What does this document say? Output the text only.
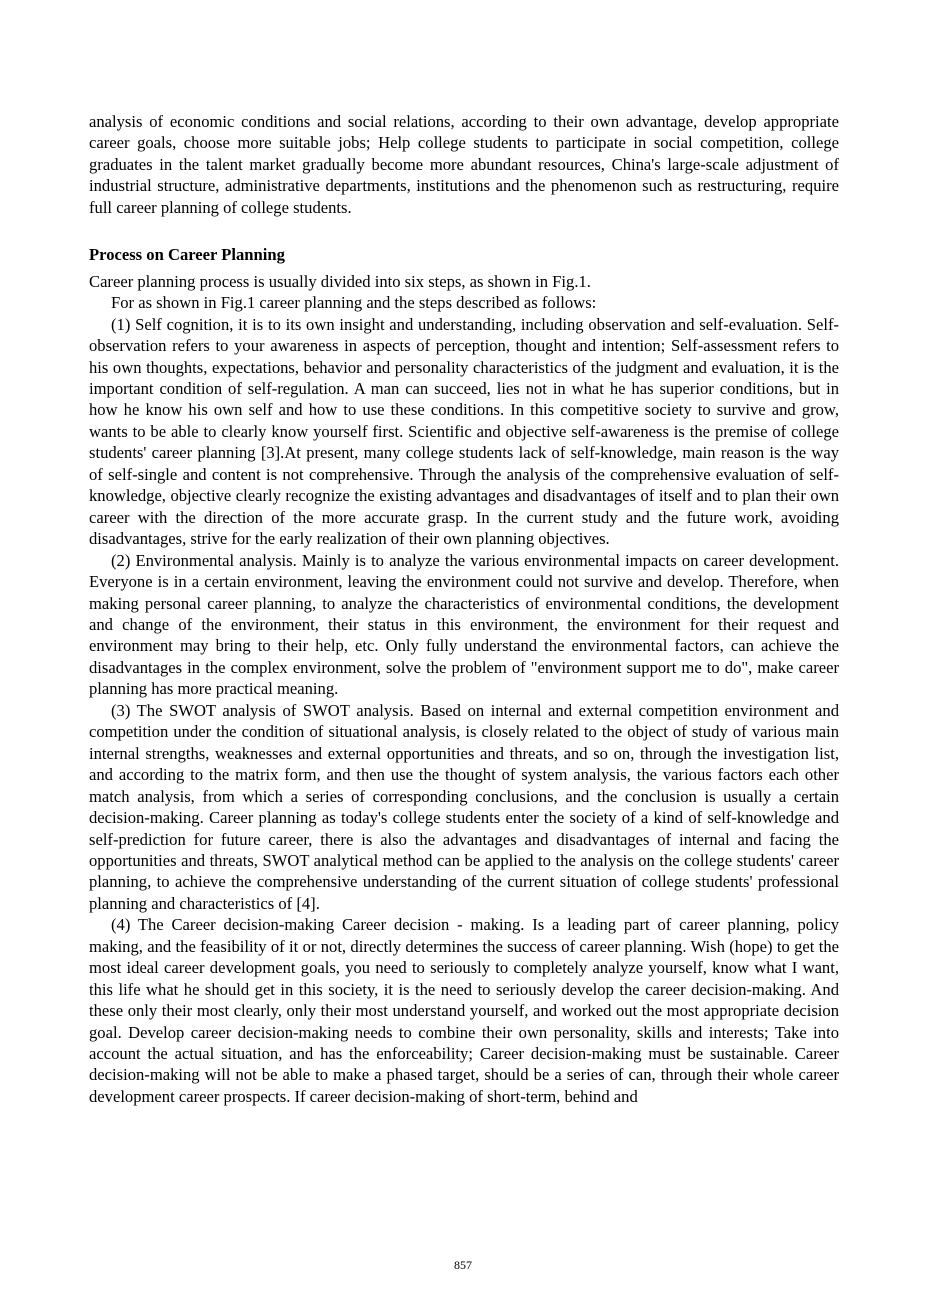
analysis of economic conditions and social relations, according to their own advantage, develop appropriate career goals, choose more suitable jobs; Help college students to participate in social competition, college graduates in the talent market gradually become more abundant resources, China's large-scale adjustment of industrial structure, administrative departments, institutions and the phenomenon such as restructuring, require full career planning of college students.

Process on Career Planning

Career planning process is usually divided into six steps, as shown in Fig.1.

For as shown in Fig.1 career planning and the steps described as follows:

(1) Self cognition, it is to its own insight and understanding, including observation and self-evaluation. Self-observation refers to your awareness in aspects of perception, thought and intention; Self-assessment refers to his own thoughts, expectations, behavior and personality characteristics of the judgment and evaluation, it is the important condition of self-regulation. A man can succeed, lies not in what he has superior conditions, but in how he know his own self and how to use these conditions. In this competitive society to survive and grow, wants to be able to clearly know yourself first. Scientific and objective self-awareness is the premise of college students' career planning [3].At present, many college students lack of self-knowledge, main reason is the way of self-single and content is not comprehensive. Through the analysis of the comprehensive evaluation of self-knowledge, objective clearly recognize the existing advantages and disadvantages of itself and to plan their own career with the direction of the more accurate grasp. In the current study and the future work, avoiding disadvantages, strive for the early realization of their own planning objectives.

(2) Environmental analysis. Mainly is to analyze the various environmental impacts on career development. Everyone is in a certain environment, leaving the environment could not survive and develop. Therefore, when making personal career planning, to analyze the characteristics of environmental conditions, the development and change of the environment, their status in this environment, the environment for their request and environment may bring to their help, etc. Only fully understand the environmental factors, can achieve the disadvantages in the complex environment, solve the problem of "environment support me to do", make career planning has more practical meaning.

(3) The SWOT analysis of SWOT analysis. Based on internal and external competition environment and competition under the condition of situational analysis, is closely related to the object of study of various main internal strengths, weaknesses and external opportunities and threats, and so on, through the investigation list, and according to the matrix form, and then use the thought of system analysis, the various factors each other match analysis, from which a series of corresponding conclusions, and the conclusion is usually a certain decision-making. Career planning as today's college students enter the society of a kind of self-knowledge and self-prediction for future career, there is also the advantages and disadvantages of internal and facing the opportunities and threats, SWOT analytical method can be applied to the analysis on the college students' career planning, to achieve the comprehensive understanding of the current situation of college students' professional planning and characteristics of [4].

(4) The Career decision-making Career decision - making. Is a leading part of career planning, policy making, and the feasibility of it or not, directly determines the success of career planning. Wish (hope) to get the most ideal career development goals, you need to seriously to completely analyze yourself, know what I want, this life what he should get in this society, it is the need to seriously develop the career decision-making. And these only their most clearly, only their most understand yourself, and worked out the most appropriate decision goal. Develop career decision-making needs to combine their own personality, skills and interests; Take into account the actual situation, and has the enforceability; Career decision-making must be sustainable. Career decision-making will not be able to make a phased target, should be a series of can, through their whole career development career prospects. If career decision-making of short-term, behind and

857
